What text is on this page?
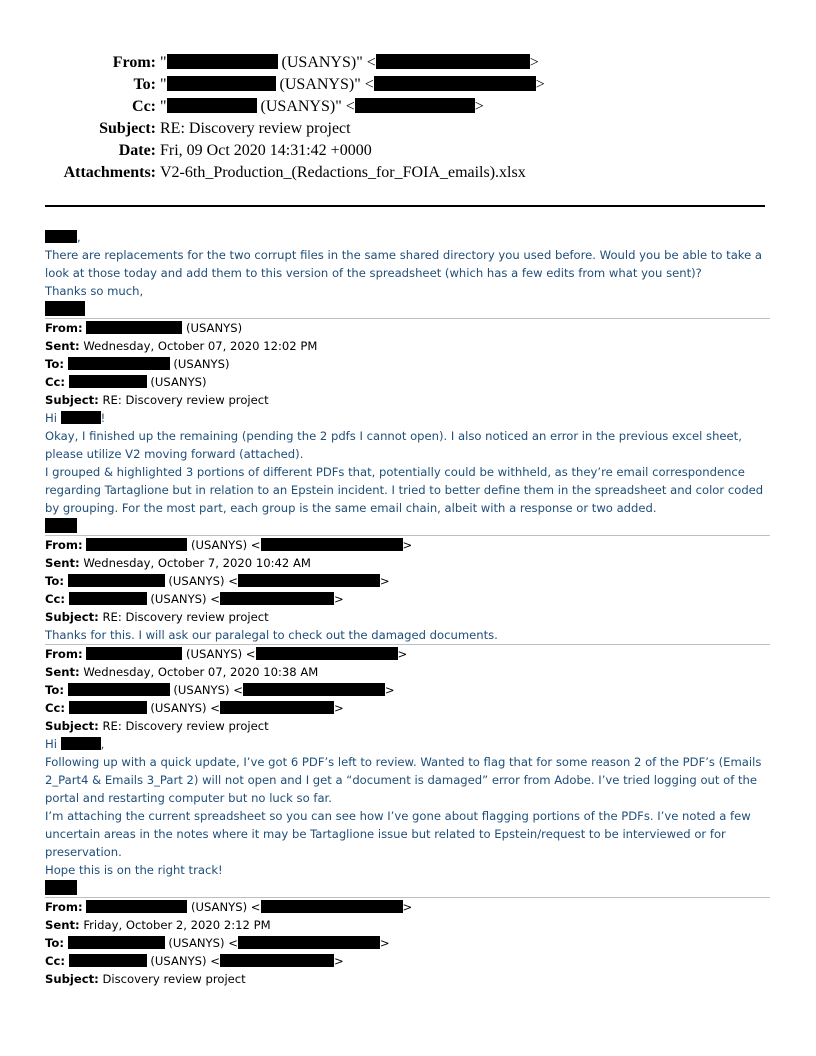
From: "	(USANYS)" <	>
To: "	(USANYS)" <	>
Cc: "	(USANYS)" <	>
Subject: RE: Discovery review project
Date: Fri, 09 Oct 2020 14:31:42 +0000
Attachments: V2-6th_Production_(Redactions_for_FOIA_emails).xlsx

,

There are replacements for the two corrupt files in the same shared directory you used before. Would you be able to take a look at those today and add them to this version of the spreadsheet (which has a few edits from what you sent)?

Thanks so much,

From:	(USANYS)
Sent: Wednesday, October 07, 2020 12:02 PM
To:	(USANYS)
Cc:	(USANYS)
Subject: RE: Discovery review project

Hi	!

Okay, I finished up the remaining (pending the 2 pdfs I cannot open). I also noticed an error in the previous excel sheet, please utilize V2 moving forward (attached).

I grouped & highlighted 3 portions of different PDFs that, potentially could be withheld, as they’re email correspondence regarding Tartaglione but in relation to an Epstein incident. I tried to better define them in the spreadsheet and color coded by grouping. For the most part, each group is the same email chain, albeit with a response or two added.

From:	(USANYS) <	>
Sent: Wednesday, October 7, 2020 10:42 AM
To:	(USANYS) <	>
Cc:	(USANYS) <	>
Subject: RE: Discovery review project

Thanks for this. I will ask our paralegal to check out the damaged documents.

From:	(USANYS) <	>
Sent: Wednesday, October 07, 2020 10:38 AM
To:	(USANYS) <	>
Cc:	(USANYS) <	>
Subject: RE: Discovery review project

Hi	,

Following up with a quick update, I’ve got 6 PDF’s left to review. Wanted to flag that for some reason 2 of the PDF’s (Emails 2_Part4 & Emails 3_Part 2) will not open and I get a “document is damaged” error from Adobe. I’ve tried logging out of the portal and restarting computer but no luck so far.

I’m attaching the current spreadsheet so you can see how I’ve gone about flagging portions of the PDFs. I’ve noted a few uncertain areas in the notes where it may be Tartaglione issue but related to Epstein/request to be interviewed or for preservation.

Hope this is on the right track!

From:	(USANYS) <	>
Sent: Friday, October 2, 2020 2:12 PM
To:	(USANYS) <	>
Cc:	(USANYS) <	>
Subject: Discovery review project
